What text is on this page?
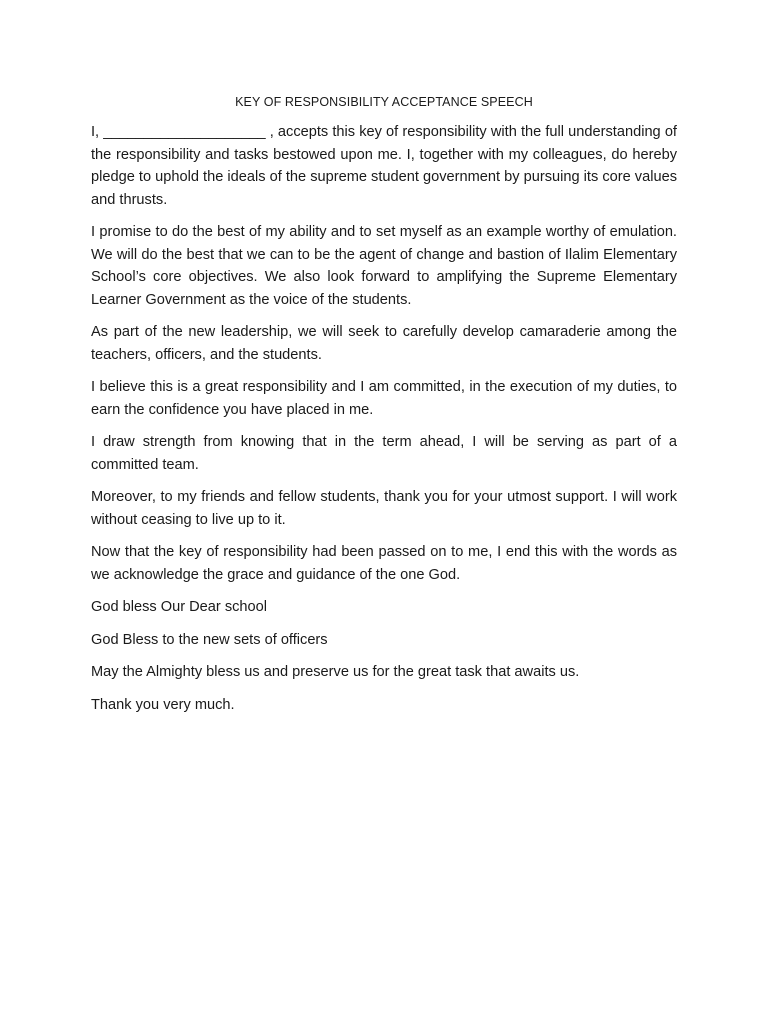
KEY OF RESPONSIBILITY ACCEPTANCE SPEECH

I, ____________________ , accepts this key of responsibility with the full understanding of the responsibility and tasks bestowed upon me. I, together with my colleagues, do hereby pledge to uphold the ideals of the supreme student government by pursuing its core values and thrusts.

I promise to do the best of my ability and to set myself as an example worthy of emulation. We will do the best that we can to be the agent of change and bastion of Ilalim Elementary School’s core objectives. We also look forward to amplifying the Supreme Elementary Learner Government as the voice of the students.

As part of the new leadership, we will seek to carefully develop camaraderie among the teachers, officers, and the students.

I believe this is a great responsibility and I am committed, in the execution of my duties, to earn the confidence you have placed in me.

I draw strength from knowing that in the term ahead, I will be serving as part of a committed team.

Moreover, to my friends and fellow students, thank you for your utmost support. I will work without ceasing to live up to it.

Now that the key of responsibility had been passed on to me, I end this with the words as we acknowledge the grace and guidance of the one God.

God bless Our Dear school

God Bless to the new sets of officers

May the Almighty bless us and preserve us for the great task that awaits us.

Thank you very much.
